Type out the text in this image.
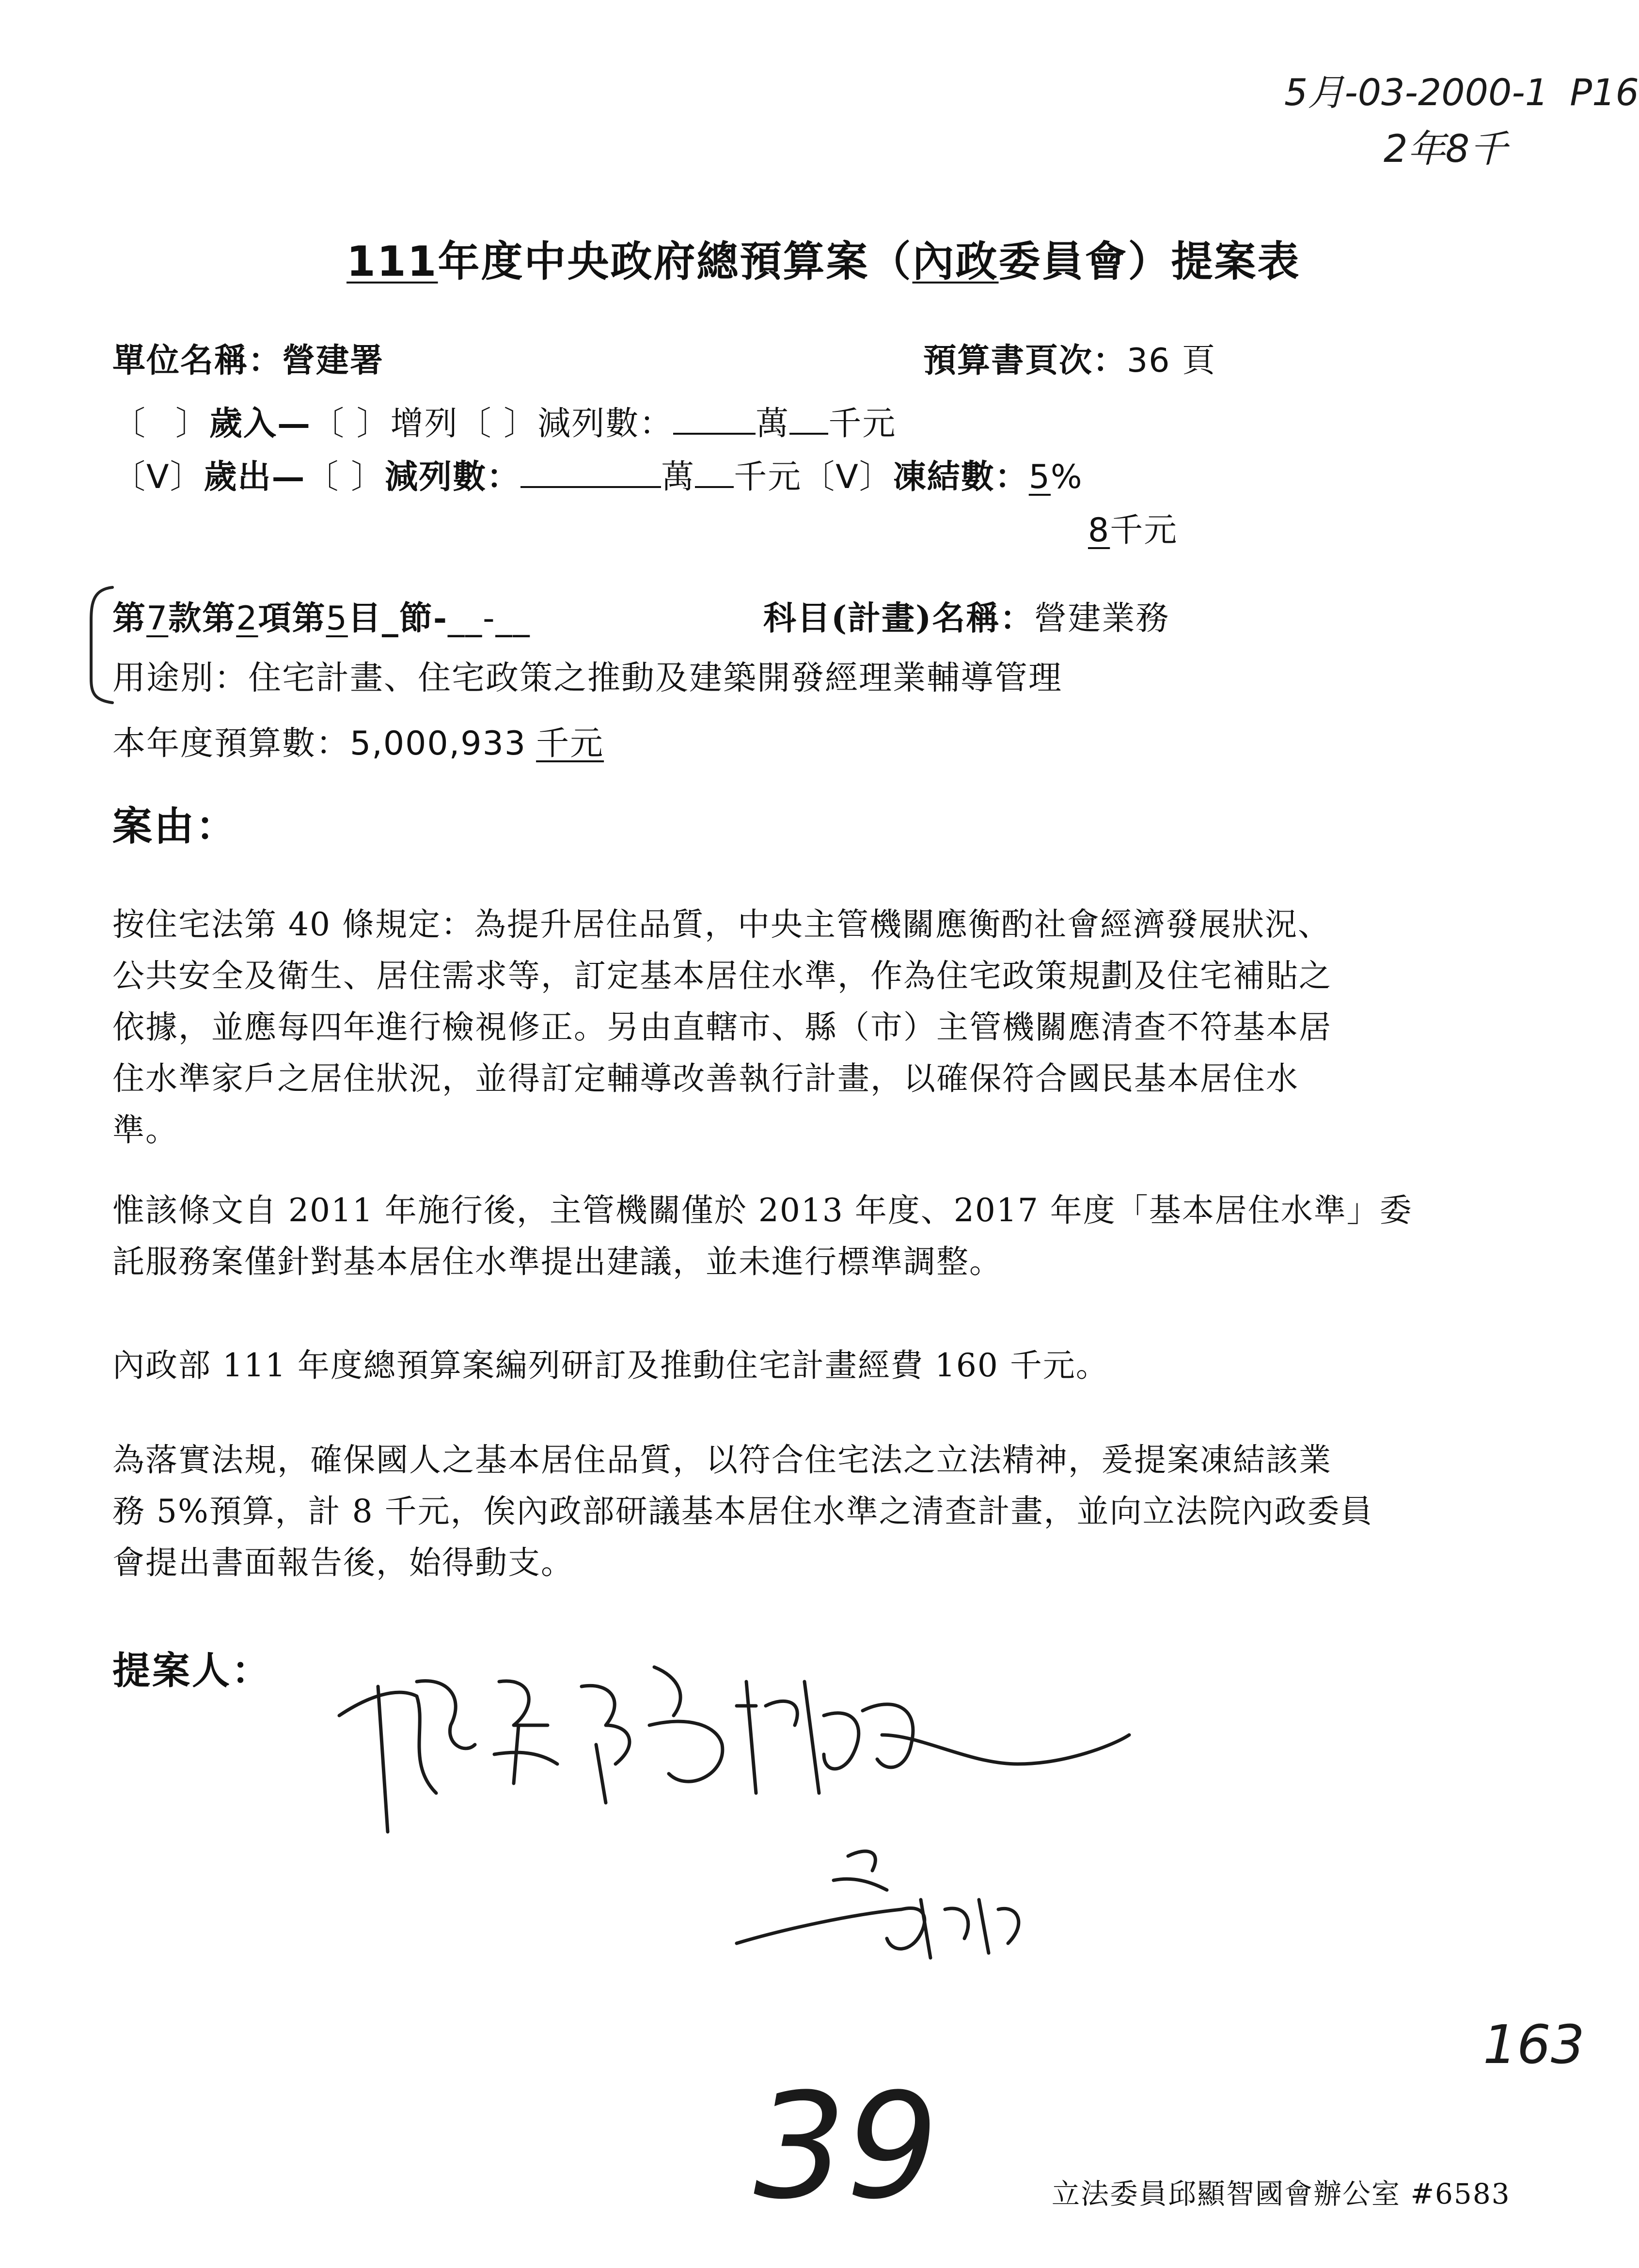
5月-03-2000-1 P16
2年8千
111年度中央政府總預算案（內政委員會）提案表
單位名稱：營建署	預算書頁次：36 頁
〔 〕歲入—〔 〕增列〔 〕減列數：	萬 千元
〔V〕歲出—〔 〕減列數：	萬 千元〔V〕凍結數：5%
8千元
第7款第2項第5目_節-__-__	科目(計畫)名稱：營建業務
用途別：住宅計畫、住宅政策之推動及建築開發經理業輔導管理
本年度預算數：5,000,933 千元
案由：
按住宅法第 40 條規定：為提升居住品質，中央主管機關應衡酌社會經濟發展狀況、
公共安全及衛生、居住需求等，訂定基本居住水準，作為住宅政策規劃及住宅補貼之
依據，並應每四年進行檢視修正。另由直轄市、縣（市）主管機關應清查不符基本居
住水準家戶之居住狀況，並得訂定輔導改善執行計畫，以確保符合國民基本居住水
準。
惟該條文自 2011 年施行後，主管機關僅於 2013 年度、2017 年度「基本居住水準」委
託服務案僅針對基本居住水準提出建議，並未進行標準調整。
內政部 111 年度總預算案編列研訂及推動住宅計畫經費 160 千元。
為落實法規，確保國人之基本居住品質，以符合住宅法之立法精神，爰提案凍結該業
務 5%預算，計 8 千元，俟內政部研議基本居住水準之清查計畫，並向立法院內政委員
會提出書面報告後，始得動支。
提案人：
39
163
立法委員邱顯智國會辦公室 #6583
